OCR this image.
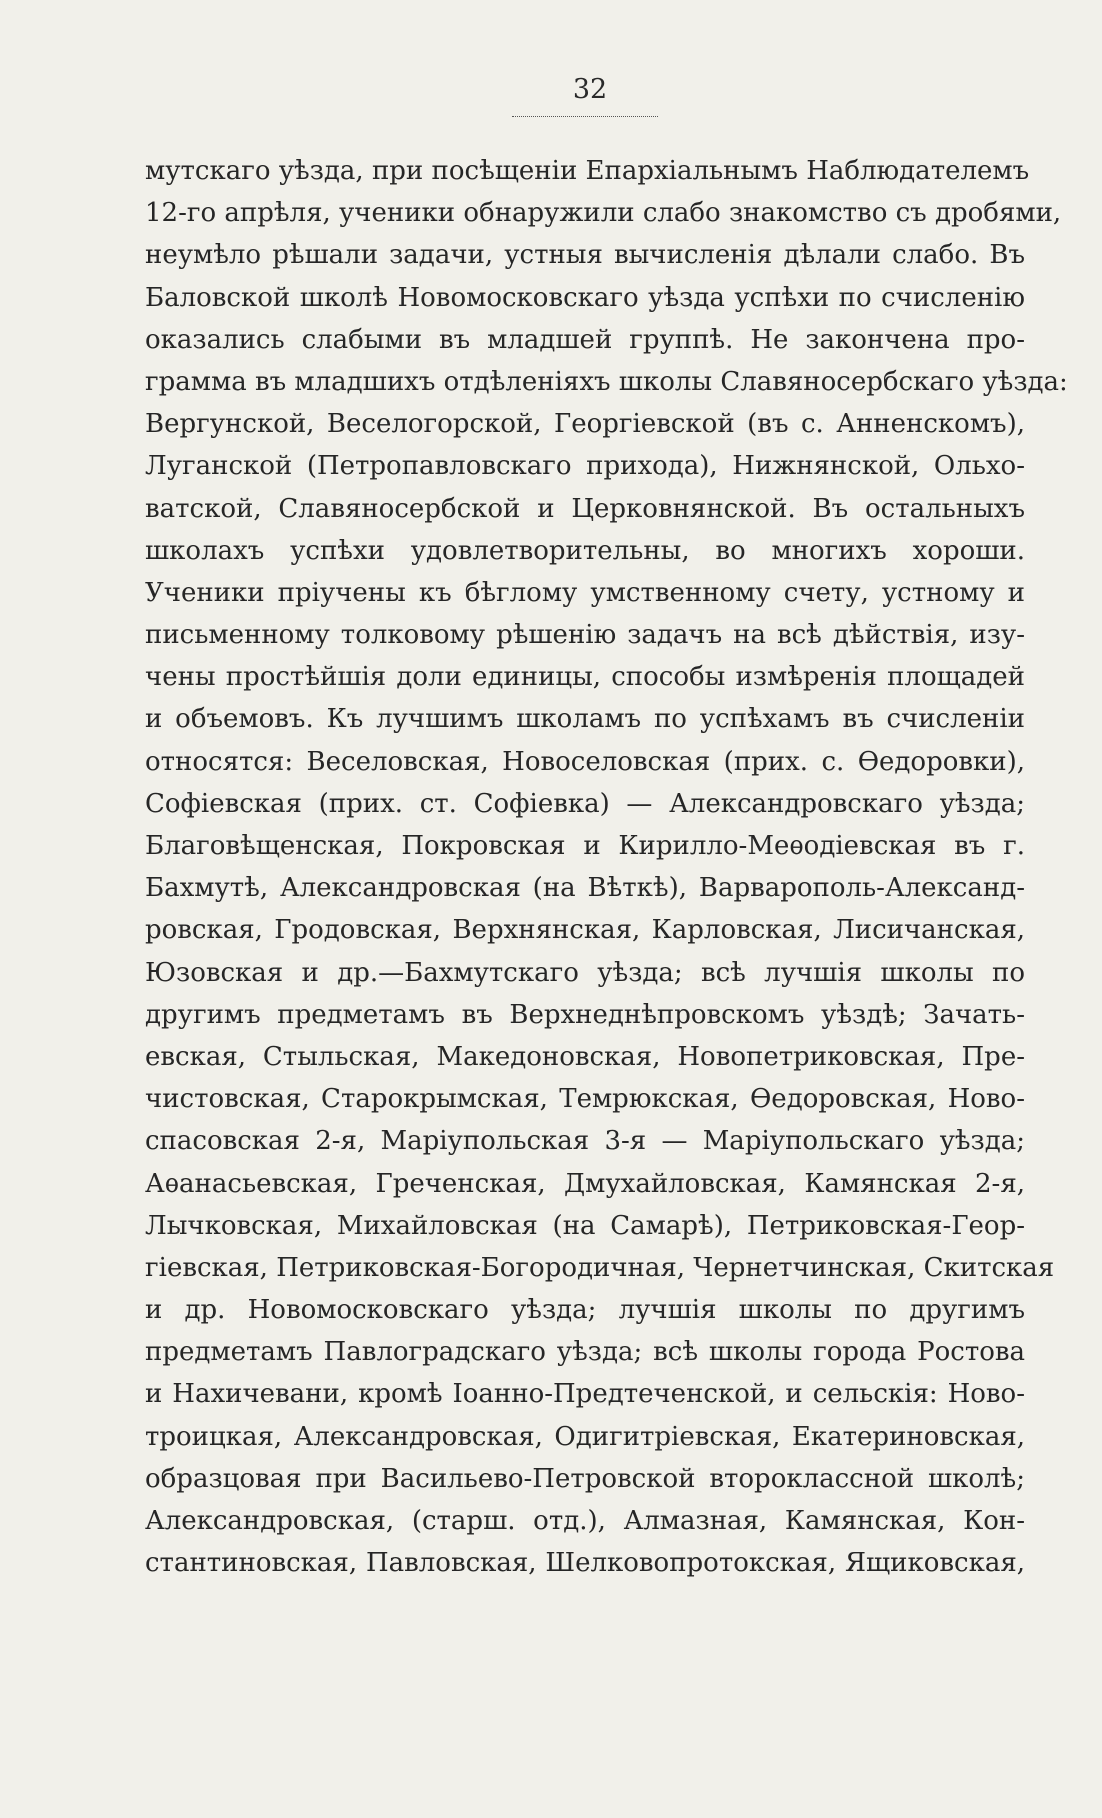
32
мутскаго уѣзда, при посѣщеніи Епархіальнымъ Наблюдателемъ
12-го апрѣля, ученики обнаружили слабо знакомство съ дробями,
неумѣло рѣшали задачи, устныя вычисленія дѣлали слабо. Въ
Баловской школѣ Новомосковскаго уѣзда успѣхи по счисленію
оказались слабыми въ младшей группѣ. Не закончена про-
грамма въ младшихъ отдѣленіяхъ школы Славяносербскаго уѣзда:
Вергунской, Веселогорской, Георгіевской (въ с. Анненскомъ),
Луганской (Петропавловскаго прихода), Нижнянской, Ольхо-
ватской, Славяносербской и Церковнянской. Въ остальныхъ
школахъ успѣхи удовлетворительны, во многихъ хороши.
Ученики пріучены къ бѣглому умственному счету, устному и
письменному толковому рѣшенію задачъ на всѣ дѣйствія, изу-
чены простѣйшія доли единицы, способы измѣренія площадей
и объемовъ. Къ лучшимъ школамъ по успѣхамъ въ счисленіи
относятся: Веселовская, Новоселовская (прих. с. Ѳедоровки),
Софіевская (прих. ст. Софіевка) — Александровскаго уѣзда;
Благовѣщенская, Покровская и Кирилло-Меѳодіевская въ г.
Бахмутѣ, Александровская (на Вѣткѣ), Варварополь-Александ-
ровская, Гродовская, Верхнянская, Карловская, Лисичанская,
Юзовская и др.—Бахмутскаго уѣзда; всѣ лучшія школы по
другимъ предметамъ въ Верхнеднѣпровскомъ уѣздѣ; Зачать-
евская, Стыльская, Македоновская, Новопетриковская, Пре-
чистовская, Старокрымская, Темрюкская, Ѳедоровская, Ново-
спасовская 2-я, Маріупольская 3-я — Маріупольскаго уѣзда;
Аѳанасьевская, Греченская, Дмухайловская, Камянская 2-я,
Лычковская, Михайловская (на Самарѣ), Петриковская-Геор-
гіевская, Петриковская-Богородичная, Чернетчинская, Скитская
и др. Новомосковскаго уѣзда; лучшія школы по другимъ
предметамъ Павлоградскаго уѣзда; всѣ школы города Ростова
и Нахичевани, кромѣ Іоанно-Предтеченской, и сельскія: Ново-
троицкая, Александровская, Одигитріевская, Екатериновская,
образцовая при Васильево-Петровской второклассной школѣ;
Александровская, (старш. отд.), Алмазная, Камянская, Кон-
стантиновская, Павловская, Шелковопротокская, Ящиковская,
